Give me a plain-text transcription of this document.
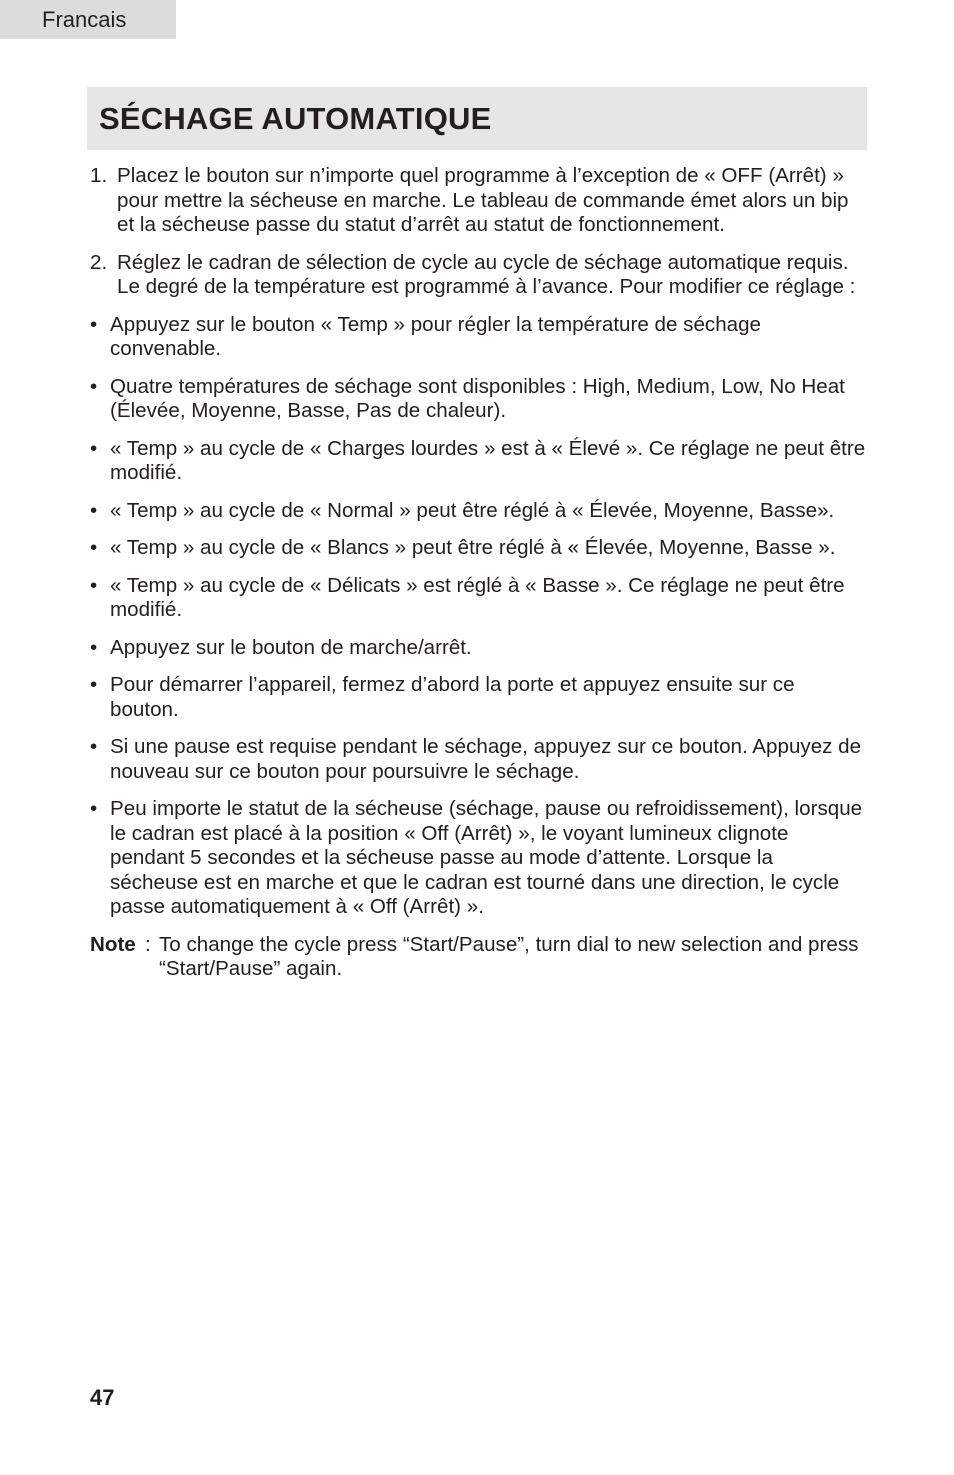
Francais
SÉCHAGE AUTOMATIQUE
1. Placez le bouton sur n’importe quel programme à l’exception de « OFF (Arrêt) » pour mettre la sécheuse en marche. Le tableau de commande émet alors un bip et la sécheuse passe du statut d’arrêt au statut de fonctionnement.
2. Réglez le cadran de sélection de cycle au cycle de séchage automatique requis. Le degré de la température est programmé à l’avance. Pour modifier ce réglage :
• Appuyez sur le bouton « Temp » pour régler la température de séchage convenable.
• Quatre températures de séchage sont disponibles : High, Medium, Low, No Heat (Élevée, Moyenne, Basse, Pas de chaleur).
• « Temp » au cycle de « Charges lourdes » est à « Élevé ». Ce réglage ne peut être modifié.
• « Temp » au cycle de « Normal » peut être réglé à « Élevée, Moyenne, Basse».
• « Temp » au cycle de « Blancs » peut être réglé à « Élevée, Moyenne, Basse ».
• « Temp » au cycle de « Délicats » est réglé à « Basse ». Ce réglage ne peut être modifié.
• Appuyez sur le bouton de marche/arrêt.
• Pour démarrer l’appareil, fermez d’abord la porte et appuyez ensuite sur ce bouton.
• Si une pause est requise pendant le séchage, appuyez sur ce bouton. Appuyez de nouveau sur ce bouton pour poursuivre le séchage.
• Peu importe le statut de la sécheuse (séchage, pause ou refroidissement), lorsque le cadran est placé à la position « Off (Arrêt) », le voyant lumineux clignote pendant 5 secondes et la sécheuse passe au mode d’attente. Lorsque la sécheuse est en marche et que le cadran est tourné dans une direction, le cycle passe automatiquement à « Off (Arrêt) ».
Note : To change the cycle press “Start/Pause”, turn dial to new selection and press “Start/Pause” again.
47
